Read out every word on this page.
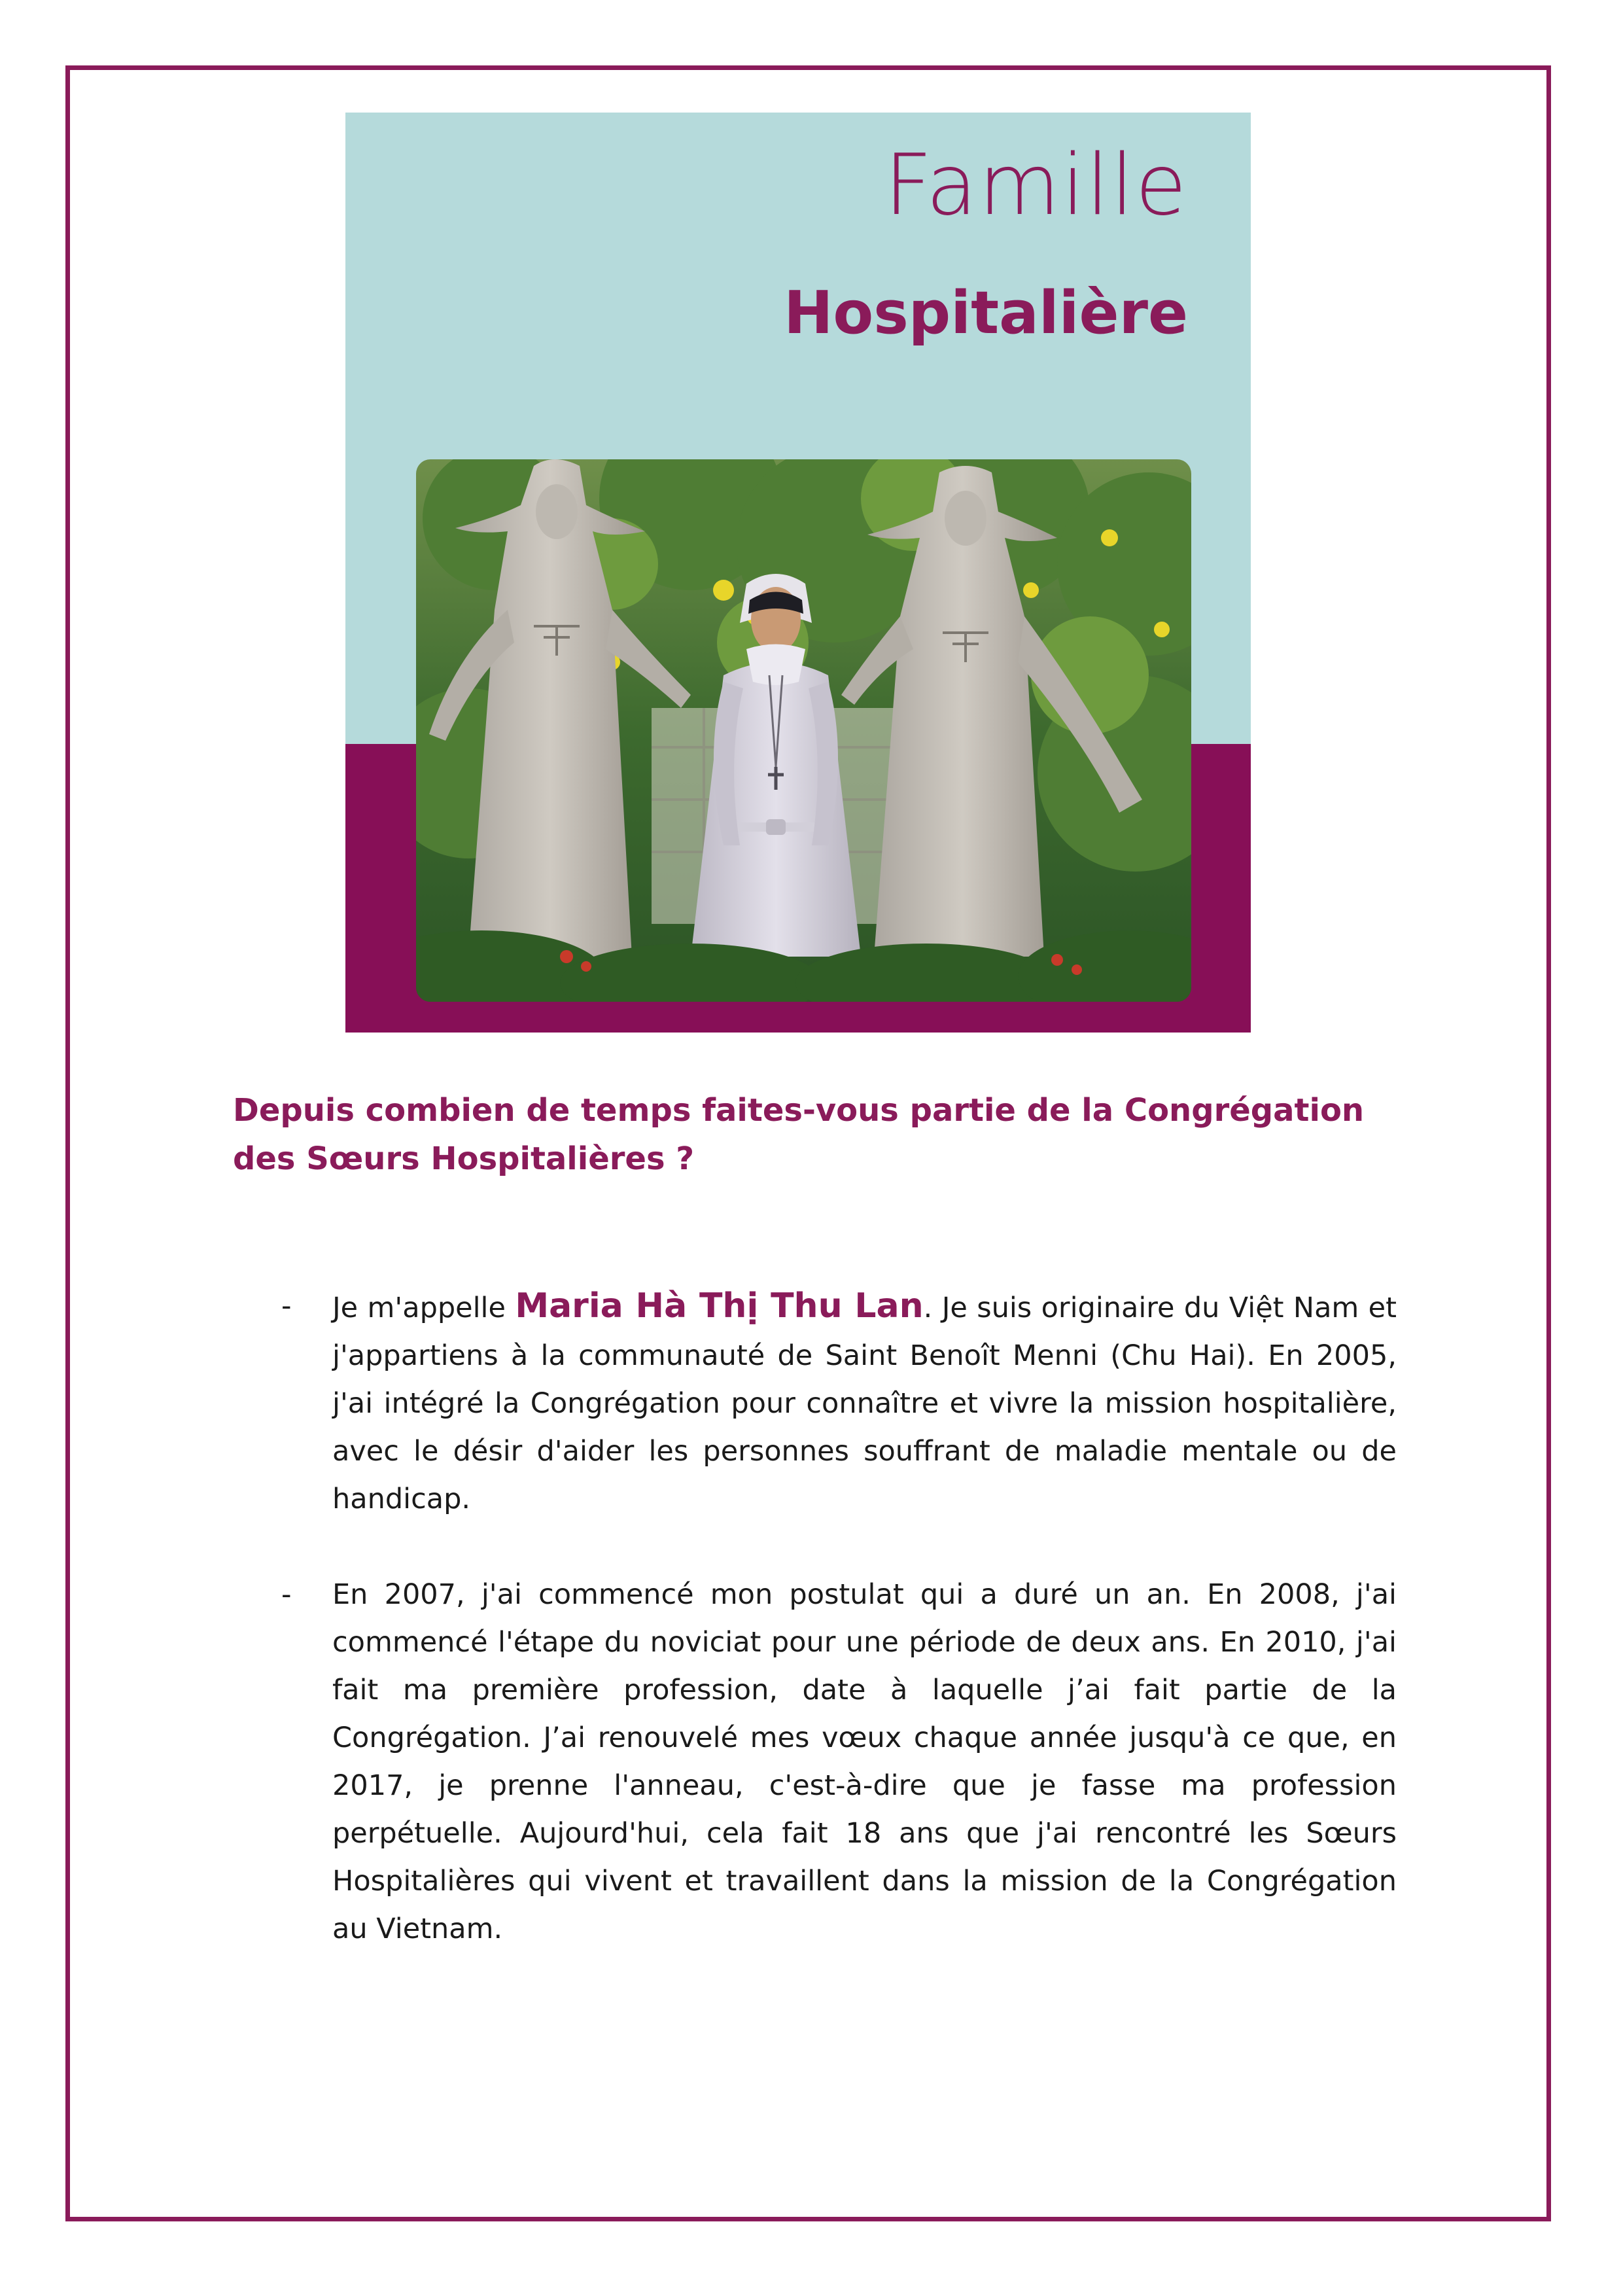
Famille
Hospitalière

Depuis combien de temps faites-vous partie de la Congrégation des Sœurs Hospitalières ?

- Je m'appelle Maria Hà Thị Thu Lan. Je suis originaire du Việt Nam et j'appartiens à la communauté de Saint Benoît Menni (Chu Hai). En 2005, j'ai intégré la Congrégation pour connaître et vivre la mission hospitalière, avec le désir d'aider les personnes souffrant de maladie mentale ou de handicap.
- En 2007, j'ai commencé mon postulat qui a duré un an. En 2008, j'ai commencé l'étape du noviciat pour une période de deux ans. En 2010, j'ai fait ma première profession, date à laquelle j’ai fait partie de la Congrégation. J’ai renouvelé mes vœux chaque année jusqu'à ce que, en 2017, je prenne l'anneau, c'est-à-dire que je fasse ma profession perpétuelle. Aujourd'hui, cela fait 18 ans que j'ai rencontré les Sœurs Hospitalières qui vivent et travaillent dans la mission de la Congrégation au Vietnam.
